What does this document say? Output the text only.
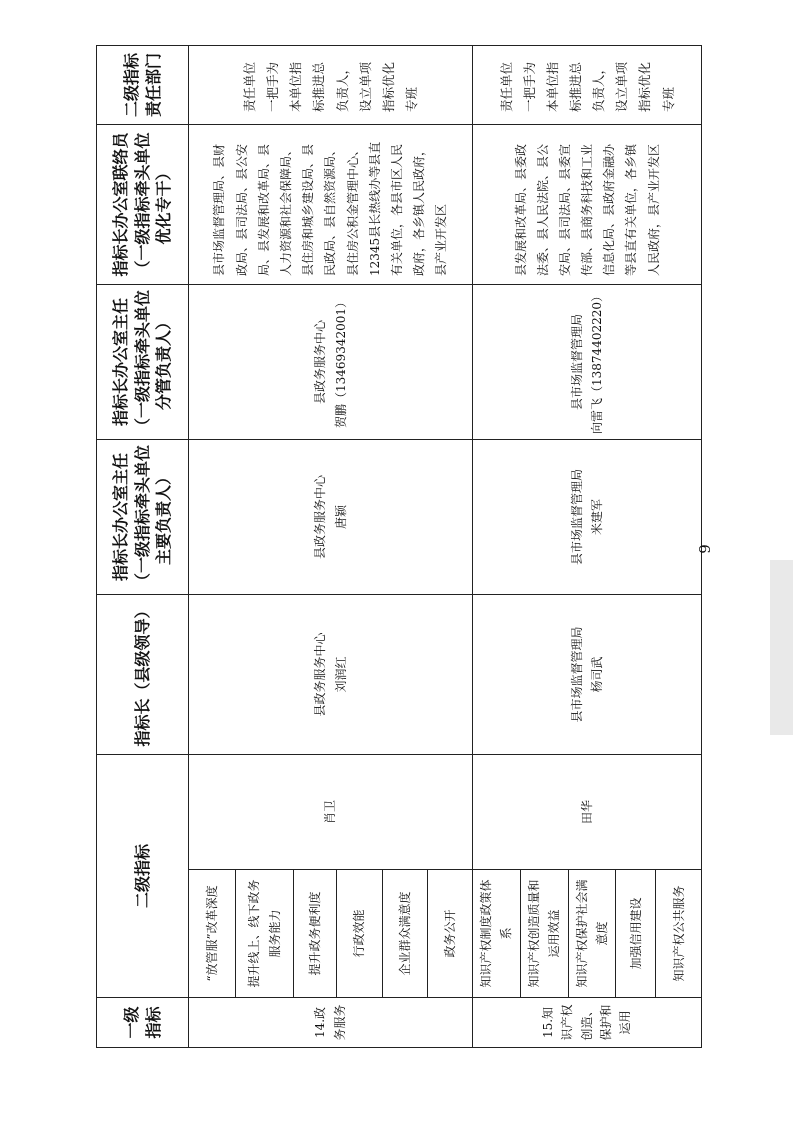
一级指标	二级指标		指标长（县级领导）	指标长办公室主任（一级指标牵头单位主要负责人）	指标长办公室主任（一级指标牵头单位分管负责人）	指标长办公室联络员（一级指标牵头单位优化专干）	二级指标责任部门
14.政务服务	“放管服”改革深度	肖卫	县政务服务中心 刘润红	县政务服务中心 唐颖	县政务服务中心 贺鹏（13469342001）	县市场监督管理局、县财政局、县司法局、县公安局、县发展和改革局、县人力资源和社会保障局、县住房和城乡建设局、县民政局、县自然资源局、县住房公积金管理中心、12345县长热线办等县直有关单位，各县市区人民政府，各乡镇人民政府，县产业开发区	责任单位一把手为本单位指标推进总负责人，设立单项指标优化专班
	提升线上、线下政务服务能力						
	提升政务便利度						
	行政效能						
	企业群众满意度						
	政务公开						
15.知识产权创造、保护和运用	知识产权制度政策体系	田华	县市场监督管理局 杨司武	县市场监督管理局 米建军	县市场监督管理局 向雷飞（13874402220）	县发展和改革局、县委政法委、县人民法院、县公安局、县司法局、县委宣传部、县商务科技和工业信息化局、县政府金融办等县直有关单位，各乡镇人民政府，县产业开发区	责任单位一把手为本单位指标推进总负责人，设立单项指标优化专班
	知识产权创造质量和运用效益						
	知识产权保护社会满意度						
	加强信用建设						
	知识产权公共服务						
9
